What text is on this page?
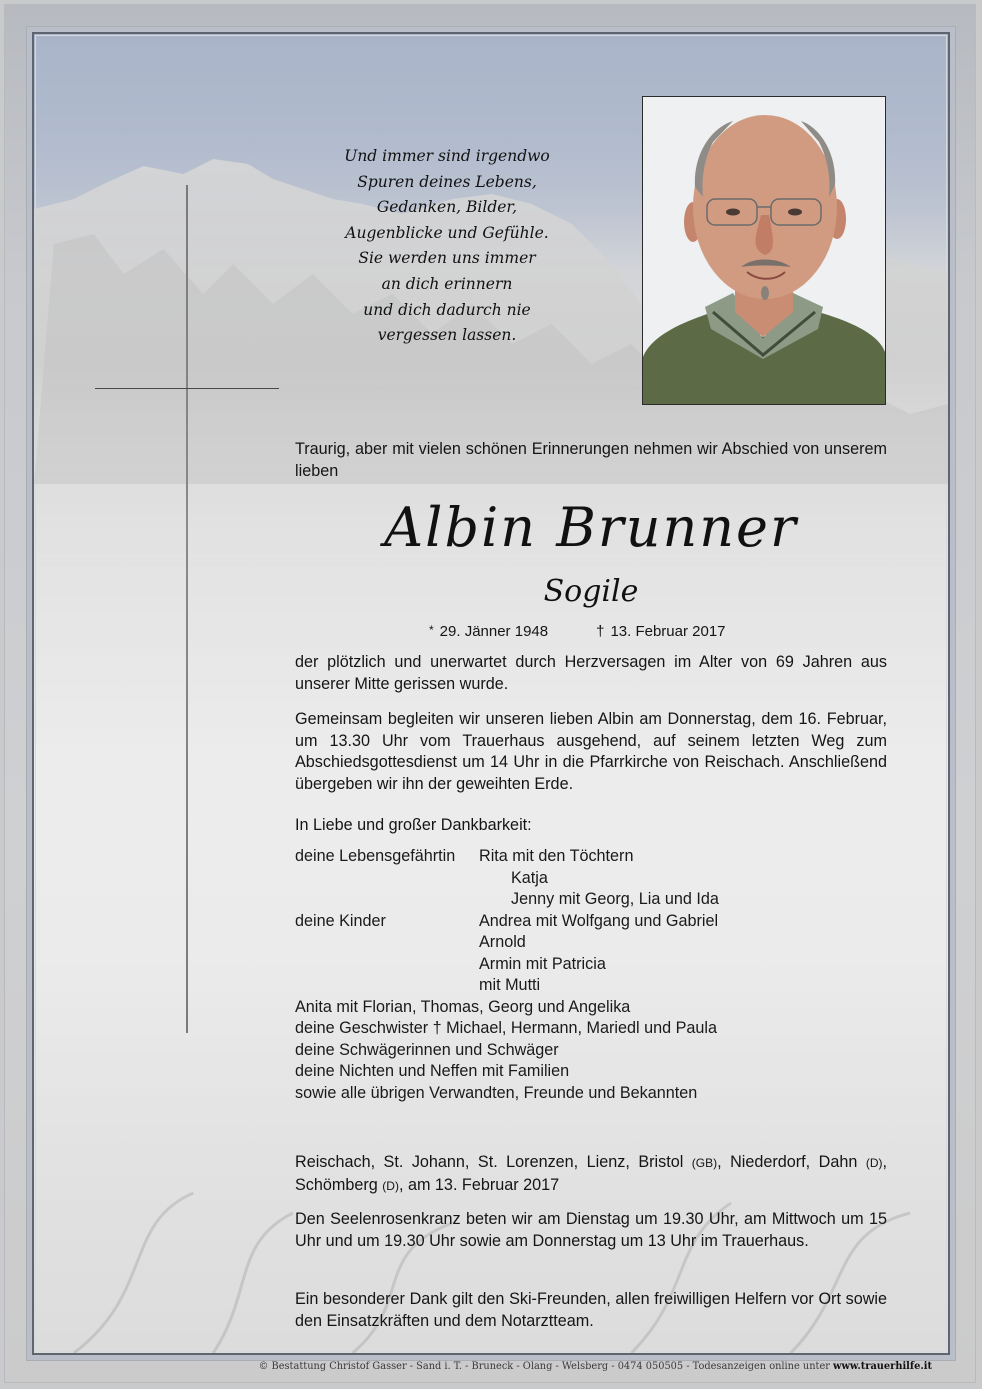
Und immer sind irgendwo
Spuren deines Lebens,
Gedanken, Bilder,
Augenblicke und Gefühle.
Sie werden uns immer
an dich erinnern
und dich dadurch nie
vergessen lassen.
Traurig, aber mit vielen schönen Erinnerungen nehmen wir Abschied von unserem lieben
Albin Brunner
Sogile
* 29. Jänner 1948	† 13. Februar 2017
der plötzlich und unerwartet durch Herzversagen im Alter von 69 Jahren aus unserer Mitte gerissen wurde.
Gemeinsam begleiten wir unseren lieben Albin am Donnerstag, dem 16. Februar, um 13.30 Uhr vom Trauerhaus ausgehend, auf seinem letzten Weg zum Abschiedsgottesdienst um 14 Uhr in die Pfarrkirche von Reischach. Anschließend übergeben wir ihn der geweihten Erde.
In Liebe und großer Dankbarkeit:
deine Lebensgefährtin	Rita mit den Töchtern
Katja
Jenny mit Georg, Lia und Ida
deine Kinder	Andrea mit Wolfgang und Gabriel
Arnold
Armin mit Patricia
mit Mutti
Anita mit Florian, Thomas, Georg und Angelika
deine Geschwister † Michael, Hermann, Mariedl und Paula
deine Schwägerinnen und Schwäger
deine Nichten und Neffen mit Familien
sowie alle übrigen Verwandten, Freunde und Bekannten
Reischach, St. Johann, St. Lorenzen, Lienz, Bristol (GB), Niederdorf, Dahn (D), Schömberg (D), am 13. Februar 2017
Den Seelenrosenkranz beten wir am Dienstag um 19.30 Uhr, am Mittwoch um 15 Uhr und um 19.30 Uhr sowie am Donnerstag um 13 Uhr im Trauerhaus.
Ein besonderer Dank gilt den Ski-Freunden, allen freiwilligen Helfern vor Ort sowie den Einsatzkräften und dem Notarztteam.
© Bestattung Christof Gasser - Sand i. T. - Bruneck - Olang - Welsberg - 0474 050505 - Todesanzeigen online unter www.trauerhilfe.it
